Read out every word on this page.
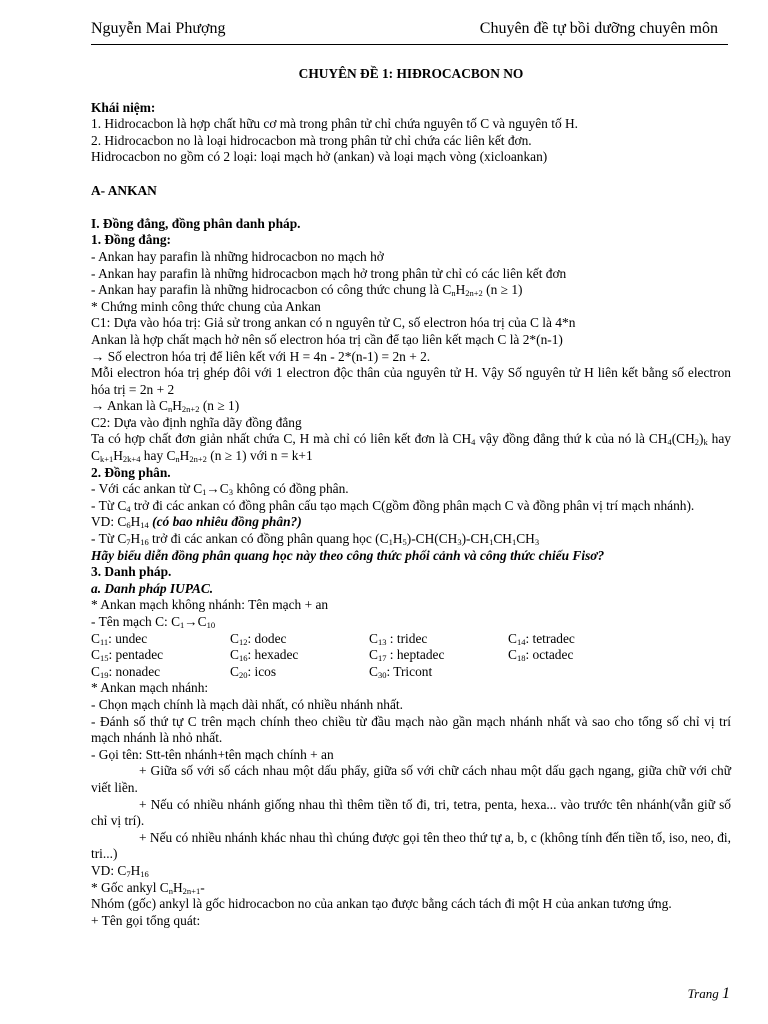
Nguyễn Mai Phượng	Chuyên đề tự bồi dưỡng chuyên môn

CHUYÊN ĐỀ 1: HIĐROCACBON NO

Khái niệm:

1. Hidrocacbon là hợp chất hữu cơ mà trong phân tử chỉ chứa nguyên tố C và nguyên tố H.

2. Hidrocacbon no là loại hidrocacbon mà trong phân tử chỉ chứa các liên kết đơn.

Hidrocacbon no gồm có 2 loại: loại mạch hở (ankan) và loại mạch vòng (xicloankan)

A- ANKAN

I. Đồng đẳng, đồng phân danh pháp.

1. Đồng đẳng:

- Ankan hay parafin là những hidrocacbon no mạch hở

- Ankan hay parafin là những hidrocacbon mạch hở trong phân tử chỉ có các liên kết đơn

- Ankan hay parafin là những hidrocacbon có công thức chung là $C_nH_{2n+2}$ (n ≥ 1)

* Chứng minh công thức chung của Ankan

C1: Dựa vào hóa trị: Giả sử trong ankan có n nguyên tử C, số electron hóa trị của C là 4*n

Ankan là hợp chất mạch hở nên số electron hóa trị cần để tạo liên kết mạch C là 2*(n-1)

→ Số electron hóa trị để liên kết với H = 4n - 2*(n-1) = 2n + 2.

Mỗi electron hóa trị ghép đôi với 1 electron độc thân của nguyên tử H. Vậy Số nguyên tử H liên kết bằng số electron hóa trị = 2n + 2

→ Ankan là $C_nH_{2n+2}$ (n ≥ 1)

C2: Dựa vào định nghĩa dãy đồng đẳng

Ta có hợp chất đơn giản nhất chứa C, H mà chỉ có liên kết đơn là $CH_4$ vậy đồng đẳng thứ k của nó là $CH_4(CH_2)_k$ hay $C_{k+1}H_{2k+4}$ hay $C_nH_{2n+2}$ (n ≥ 1) với n = k+1

2. Đồng phân.

- Với các ankan từ $C_1\to C_3$ không có đồng phân.

- Từ $C_4$ trở đi các ankan có đồng phân cấu tạo mạch C(gồm đồng phân mạch C và đồng phân vị trí mạch nhánh).

VD: $C_6H_{14}$ (có bao nhiêu đồng phân?)

- Từ $C_7H_{16}$ trở đi các ankan có đồng phân quang học $(C_1H_5)-CH(CH_3)-CH_1CH_1CH_3$

Hãy biểu diễn đồng phân quang học này theo công thức phối cảnh và công thức chiếu Fisơ?

3. Danh pháp.

a. Danh pháp IUPAC.

* Ankan mạch không nhánh: Tên mạch + an

- Tên mạch C: $C_1\to C_{10}$

$C_{11}$: undec	$C_{12}$: dodec	$C_{13}$ : tridec	$C_{14}$: tetradec
$C_{15}$: pentadec	$C_{16}$: hexadec	$C_{17}$ : heptadec	$C_{18}$: octadec
$C_{19}$: nonadec	$C_{20}$: icos	$C_{30}$: Tricont

* Ankan mạch nhánh:

- Chọn mạch chính là mạch dài nhất, có nhiều nhánh nhất.

- Đánh số thứ tự C trên mạch chính theo chiều từ đầu mạch nào gần mạch nhánh nhất và sao cho tổng số chỉ vị trí mạch nhánh là nhỏ nhất.

- Gọi tên: Stt-tên nhánh+tên mạch chính + an

+ Giữa số với số cách nhau một dấu phẩy, giữa số với chữ cách nhau một dấu gạch ngang, giữa chữ với chữ viết liền.

+ Nếu có nhiều nhánh giống nhau thì thêm tiền tố đi, tri, tetra, penta, hexa... vào trước tên nhánh(vẫn giữ số chỉ vị trí).

+ Nếu có nhiều nhánh khác nhau thì chúng được gọi tên theo thứ tự a, b, c (không tính đến tiền tố, iso, neo, đi, tri...)

VD: $C_7H_{16}$

* Gốc ankyl $C_nH_{2n+1}-$

Nhóm (gốc) ankyl là gốc hidrocacbon no của ankan tạo được bằng cách tách đi một H của ankan tương ứng.

+ Tên gọi tổng quát:

Trang 1
